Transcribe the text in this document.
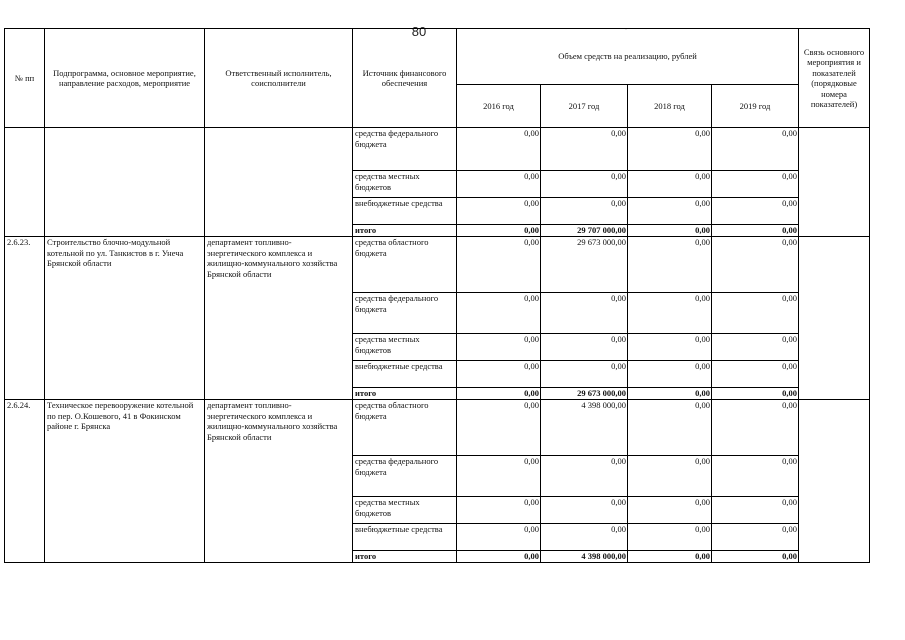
80	·
№ пп	Подпрограмма, основное мероприятие, направление расходов, мероприятие	Ответственный исполнитель, соисполнители	Источник финансового обеспечения	Объем средств на реализацию, рублей				Связь основного мероприятия и показателей (порядковые номера показателей)
				2016 год	2017 год	2018 год	2019 год	
			средства федерального бюджета	0,00	0,00	0,00	0,00	
			средства местных бюджетов	0,00	0,00	0,00	0,00	
			внебюджетные средства	0,00	0,00	0,00	0,00	
			итого	0,00	29 707 000,00	0,00	0,00	
2.6.23.	Строительство блочно-модульной котельной по ул. Танкистов в г. Унеча Брянской области	департамент топливно-энергетического комплекса и жилищно-коммунального хозяйства Брянской области	средства областного бюджета	0,00	29 673 000,00	0,00	0,00	
			средства федерального бюджета	0,00	0,00	0,00	0,00	
			средства местных бюджетов	0,00	0,00	0,00	0,00	
			внебюджетные средства	0,00	0,00	0,00	0,00	
			итого	0,00	29 673 000,00	0,00	0,00	
2.6.24.	Техническое перевооружение котельной по пер. О.Кошевого, 41 в Фокинском районе г. Брянска	департамент топливно-энергетического комплекса и жилищно-коммунального хозяйства Брянской области	средства областного бюджета	0,00	4 398 000,00	0,00	0,00	
			средства федерального бюджета	0,00	0,00	0,00	0,00	
			средства местных бюджетов	0,00	0,00	0,00	0,00	
			внебюджетные средства	0,00	0,00	0,00	0,00	
			итого	0,00	4 398 000,00	0,00	0,00	
